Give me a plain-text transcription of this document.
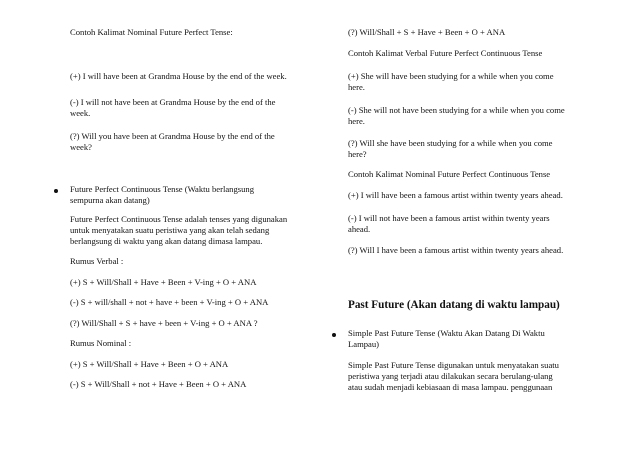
Contoh Kalimat Nominal Future Perfect Tense:
(+) I will have been at Grandma House by the end of the week.
(-) I will not have been at Grandma House by the end of the
week.
(?) Will you have been at Grandma House by the end of the
week?
Future Perfect Continuous Tense (Waktu berlangsung
sempurna akan datang)
Future Perfect Continuous Tense adalah tenses yang digunakan
untuk menyatakan suatu peristiwa yang akan telah sedang
berlangsung di waktu yang akan datang dimasa lampau.
Rumus Verbal :
(+) S + Will/Shall + Have + Been + V-ing + O + ANA
(-) S + will/shall + not + have + been + V-ing + O + ANA
(?) Will/Shall + S + have + been + V-ing + O + ANA ?
Rumus Nominal :
(+) S + Will/Shall + Have + Been + O + ANA
(-) S + Will/Shall + not + Have + Been + O + ANA
(?) Will/Shall + S + Have + Been + O + ANA
Contoh Kalimat Verbal Future Perfect Continuous Tense
(+) She will have been studying for a while when you come
here.
(-) She will not have been studying for a while when you come
here.
(?) Will she have been studying for a while when you come
here?
Contoh Kalimat Nominal Future Perfect Continuous Tense
(+) I will have been a famous artist within twenty years ahead.
(-) I will not have been a famous artist within twenty years
ahead.
(?) Will I have been a famous artist within twenty years ahead.
Past Future (Akan datang di waktu lampau)
Simple Past Future Tense (Waktu Akan Datang Di Waktu
Lampau)
Simple Past Future Tense digunakan untuk menyatakan suatu
peristiwa yang terjadi atau dilakukan secara berulang-ulang
atau sudah menjadi kebiasaan di masa lampau. penggunaan
